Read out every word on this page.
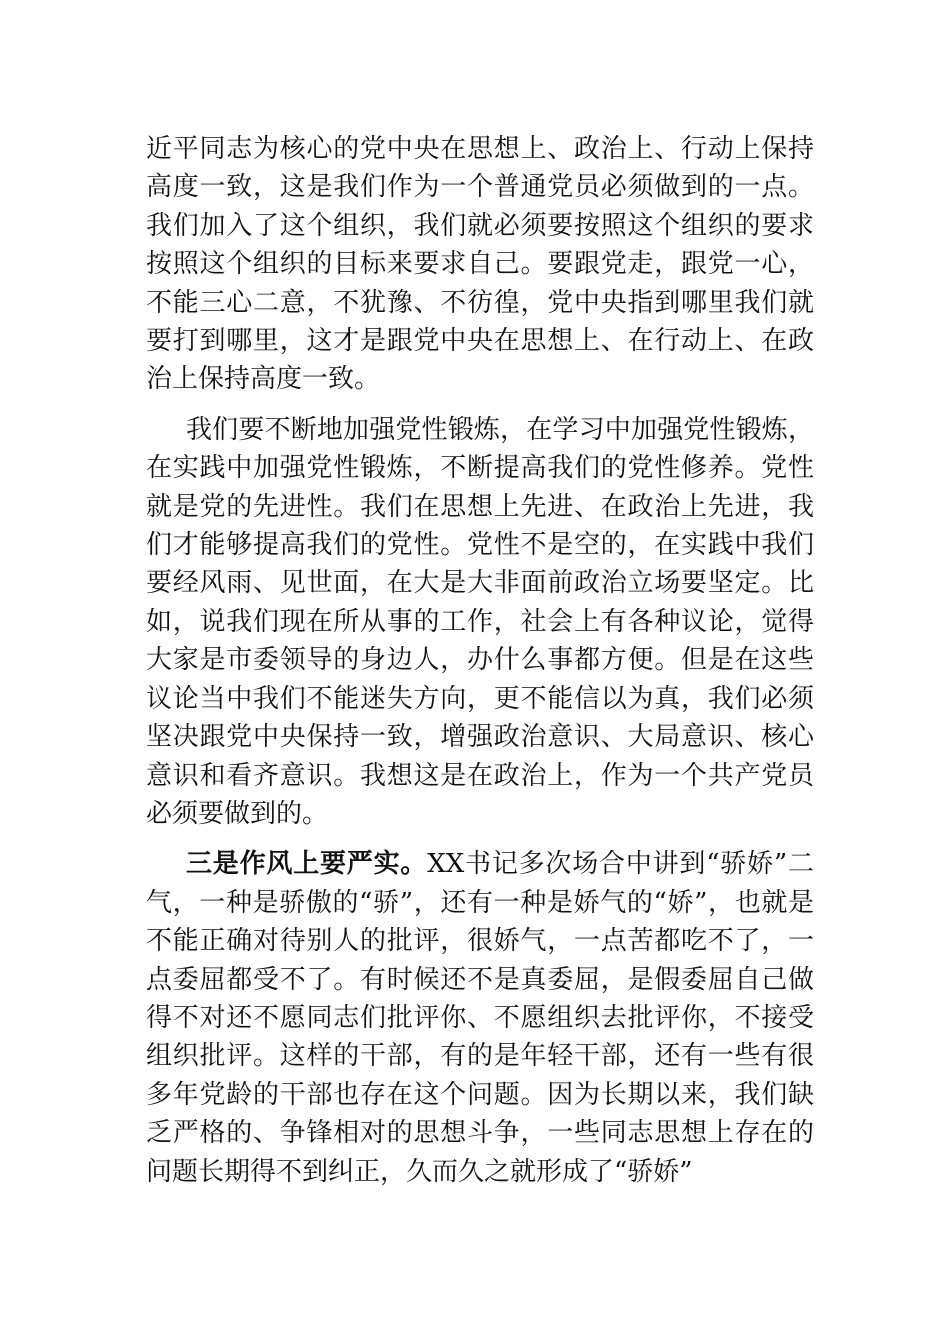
近平同志为核心的党中央在思想上、政治上、行动上保持高度一致，这是我们作为一个普通党员必须做到的一点。我们加入了这个组织，我们就必须要按照这个组织的要求按照这个组织的目标来要求自己。要跟党走，跟党一心，不能三心二意，不犹豫、不彷徨，党中央指到哪里我们就要打到哪里，这才是跟党中央在思想上、在行动上、在政治上保持高度一致。

我们要不断地加强党性锻炼，在学习中加强党性锻炼，在实践中加强党性锻炼，不断提高我们的党性修养。党性就是党的先进性。我们在思想上先进、在政治上先进，我们才能够提高我们的党性。党性不是空的，在实践中我们要经风雨、见世面，在大是大非面前政治立场要坚定。比如，说我们现在所从事的工作，社会上有各种议论，觉得大家是市委领导的身边人，办什么事都方便。但是在这些议论当中我们不能迷失方向，更不能信以为真，我们必须坚决跟党中央保持一致，增强政治意识、大局意识、核心意识和看齐意识。我想这是在政治上，作为一个共产党员必须要做到的。

三是作风上要严实。XX书记多次场合中讲到“骄娇”二气，一种是骄傲的“骄”，还有一种是娇气的“娇”，也就是不能正确对待别人的批评，很娇气，一点苦都吃不了，一点委屈都受不了。有时候还不是真委屈，是假委屈自己做得不对还不愿同志们批评你、不愿组织去批评你，不接受组织批评。这样的干部，有的是年轻干部，还有一些有很多年党龄的干部也存在这个问题。因为长期以来，我们缺乏严格的、争锋相对的思想斗争，一些同志思想上存在的问题长期得不到纠正，久而久之就形成了“骄娇”
